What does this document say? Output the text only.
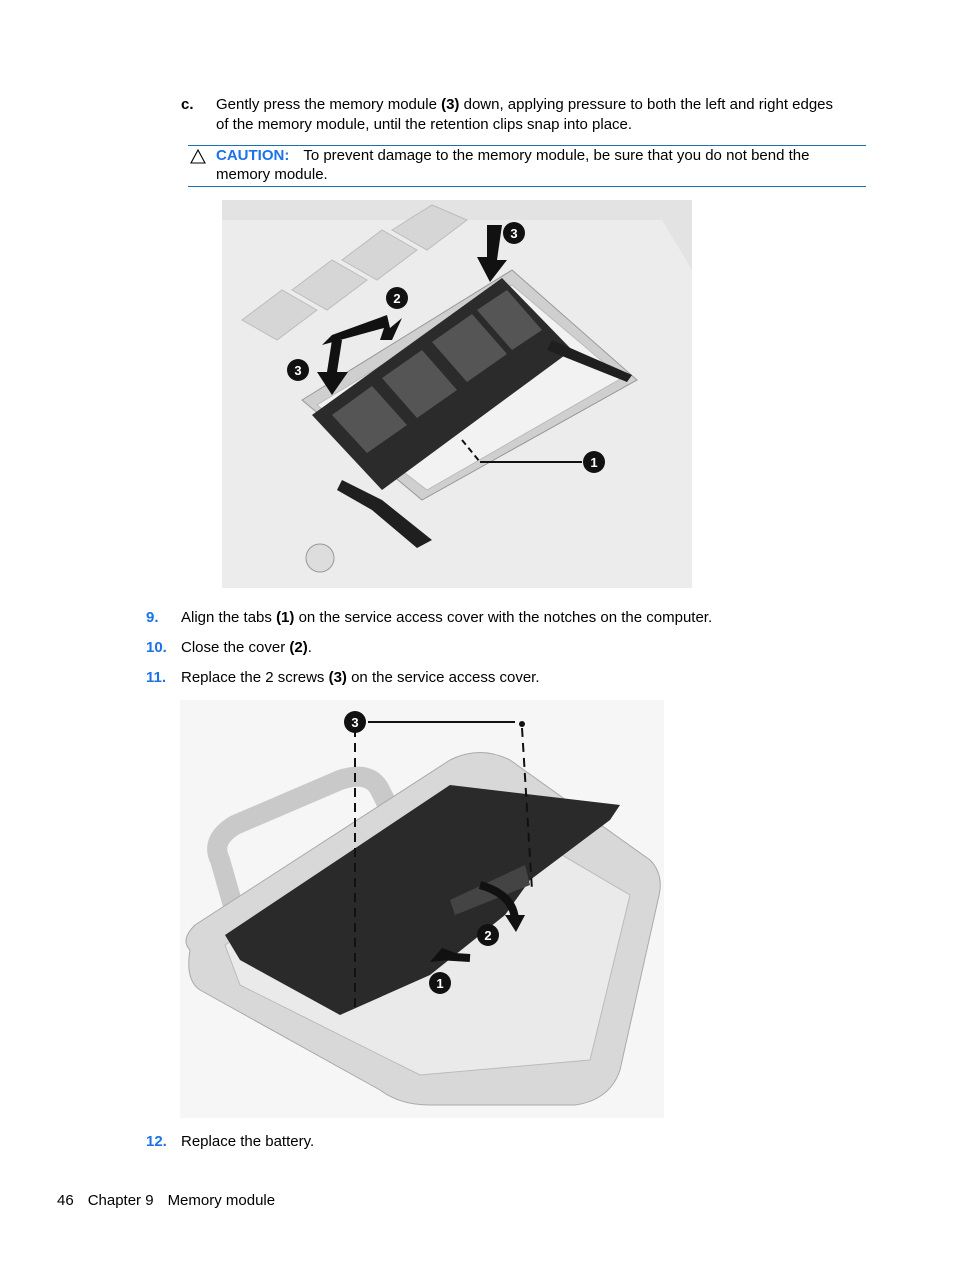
c. Gently press the memory module (3) down, applying pressure to both the left and right edges of the memory module, until the retention clips snap into place.
CAUTION: To prevent damage to the memory module, be sure that you do not bend the memory module.
3
2
3
1
9. Align the tabs (1) on the service access cover with the notches on the computer.
10. Close the cover (2).
11. Replace the 2 screws (3) on the service access cover.
3
2
1
12. Replace the battery.
46 Chapter 9 Memory module
